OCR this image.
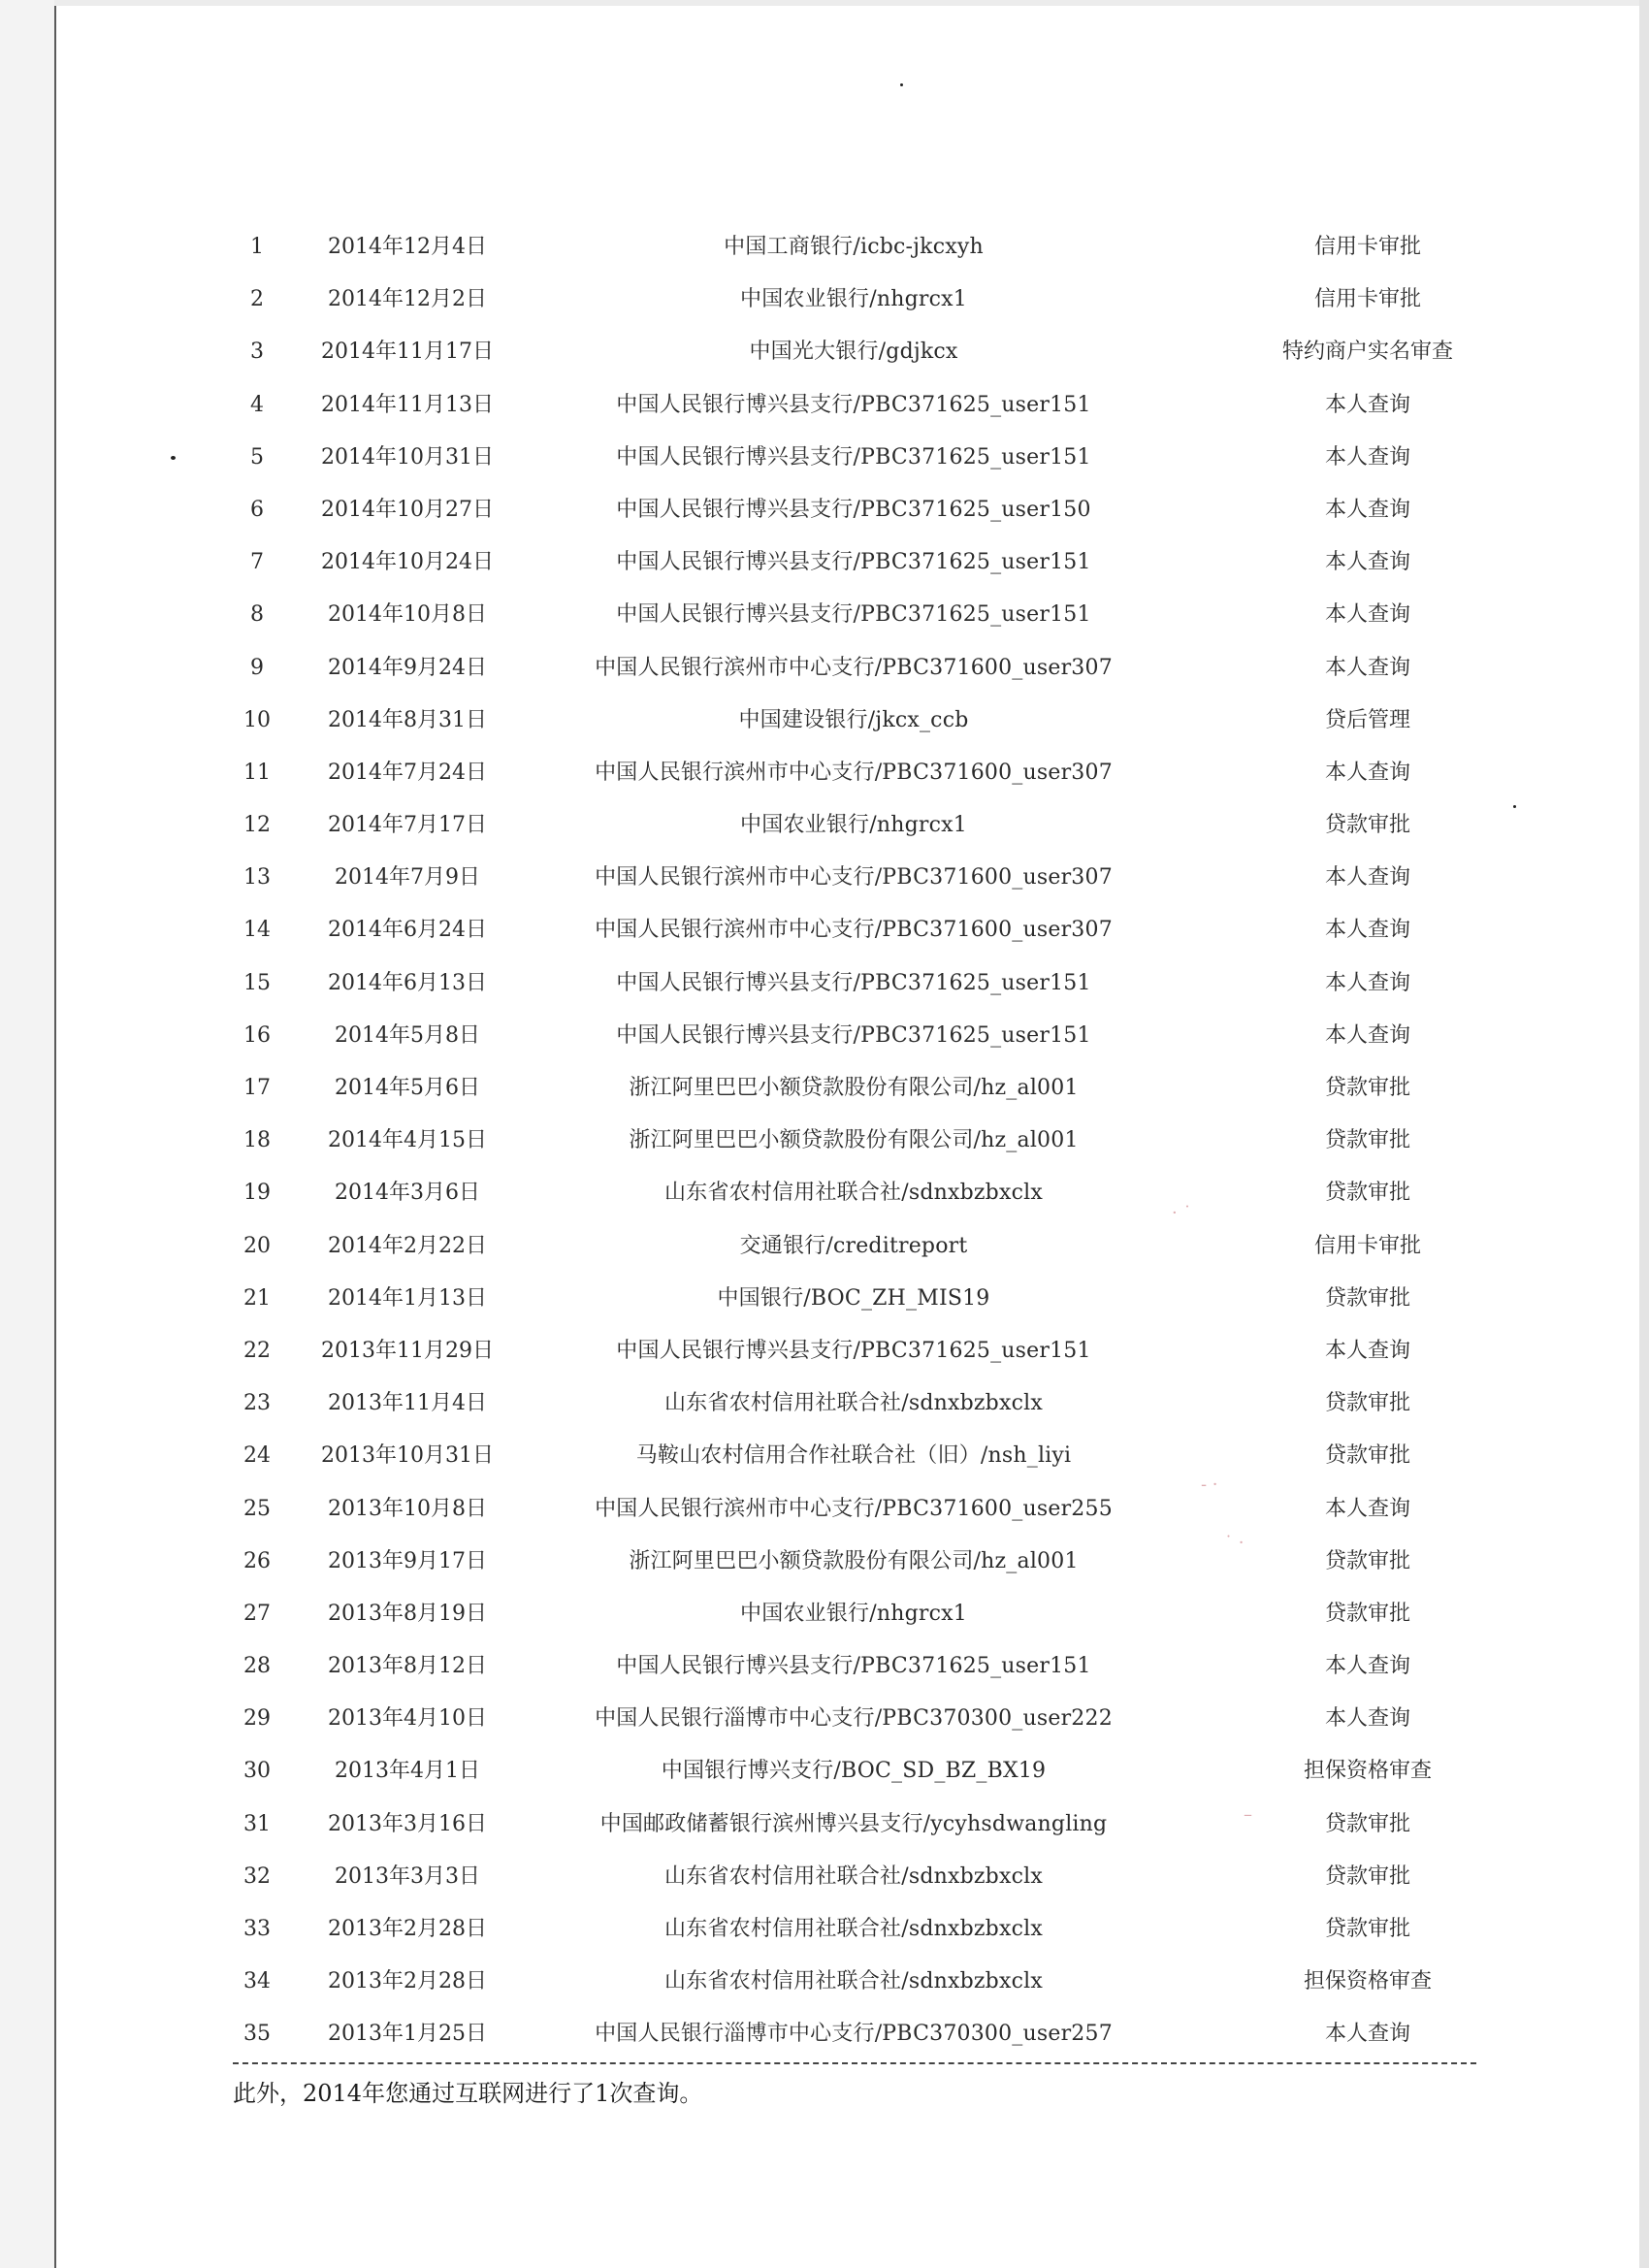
· ˙
- ·
˙ ·
–
1	2014年12月4日	中国工商银行/icbc-jkcxyh	信用卡审批
2	2014年12月2日	中国农业银行/nhgrcx1	信用卡审批
3	2014年11月17日	中国光大银行/gdjkcx	特约商户实名审查
4	2014年11月13日	中国人民银行博兴县支行/PBC371625_user151	本人查询
5	2014年10月31日	中国人民银行博兴县支行/PBC371625_user151	本人查询
6	2014年10月27日	中国人民银行博兴县支行/PBC371625_user150	本人查询
7	2014年10月24日	中国人民银行博兴县支行/PBC371625_user151	本人查询
8	2014年10月8日	中国人民银行博兴县支行/PBC371625_user151	本人查询
9	2014年9月24日	中国人民银行滨州市中心支行/PBC371600_user307	本人查询
10	2014年8月31日	中国建设银行/jkcx_ccb	贷后管理
11	2014年7月24日	中国人民银行滨州市中心支行/PBC371600_user307	本人查询
12	2014年7月17日	中国农业银行/nhgrcx1	贷款审批
13	2014年7月9日	中国人民银行滨州市中心支行/PBC371600_user307	本人查询
14	2014年6月24日	中国人民银行滨州市中心支行/PBC371600_user307	本人查询
15	2014年6月13日	中国人民银行博兴县支行/PBC371625_user151	本人查询
16	2014年5月8日	中国人民银行博兴县支行/PBC371625_user151	本人查询
17	2014年5月6日	浙江阿里巴巴小额贷款股份有限公司/hz_al001	贷款审批
18	2014年4月15日	浙江阿里巴巴小额贷款股份有限公司/hz_al001	贷款审批
19	2014年3月6日	山东省农村信用社联合社/sdnxbzbxclx	贷款审批
20	2014年2月22日	交通银行/creditreport	信用卡审批
21	2014年1月13日	中国银行/BOC_ZH_MIS19	贷款审批
22	2013年11月29日	中国人民银行博兴县支行/PBC371625_user151	本人查询
23	2013年11月4日	山东省农村信用社联合社/sdnxbzbxclx	贷款审批
24	2013年10月31日	马鞍山农村信用合作社联合社（旧）/nsh_liyi	贷款审批
25	2013年10月8日	中国人民银行滨州市中心支行/PBC371600_user255	本人查询
26	2013年9月17日	浙江阿里巴巴小额贷款股份有限公司/hz_al001	贷款审批
27	2013年8月19日	中国农业银行/nhgrcx1	贷款审批
28	2013年8月12日	中国人民银行博兴县支行/PBC371625_user151	本人查询
29	2013年4月10日	中国人民银行淄博市中心支行/PBC370300_user222	本人查询
30	2013年4月1日	中国银行博兴支行/BOC_SD_BZ_BX19	担保资格审查
31	2013年3月16日	中国邮政储蓄银行滨州博兴县支行/ycyhsdwangling	贷款审批
32	2013年3月3日	山东省农村信用社联合社/sdnxbzbxclx	贷款审批
33	2013年2月28日	山东省农村信用社联合社/sdnxbzbxclx	贷款审批
34	2013年2月28日	山东省农村信用社联合社/sdnxbzbxclx	担保资格审查
35	2013年1月25日	中国人民银行淄博市中心支行/PBC370300_user257	本人查询
此外，2014年您通过互联网进行了1次查询。
